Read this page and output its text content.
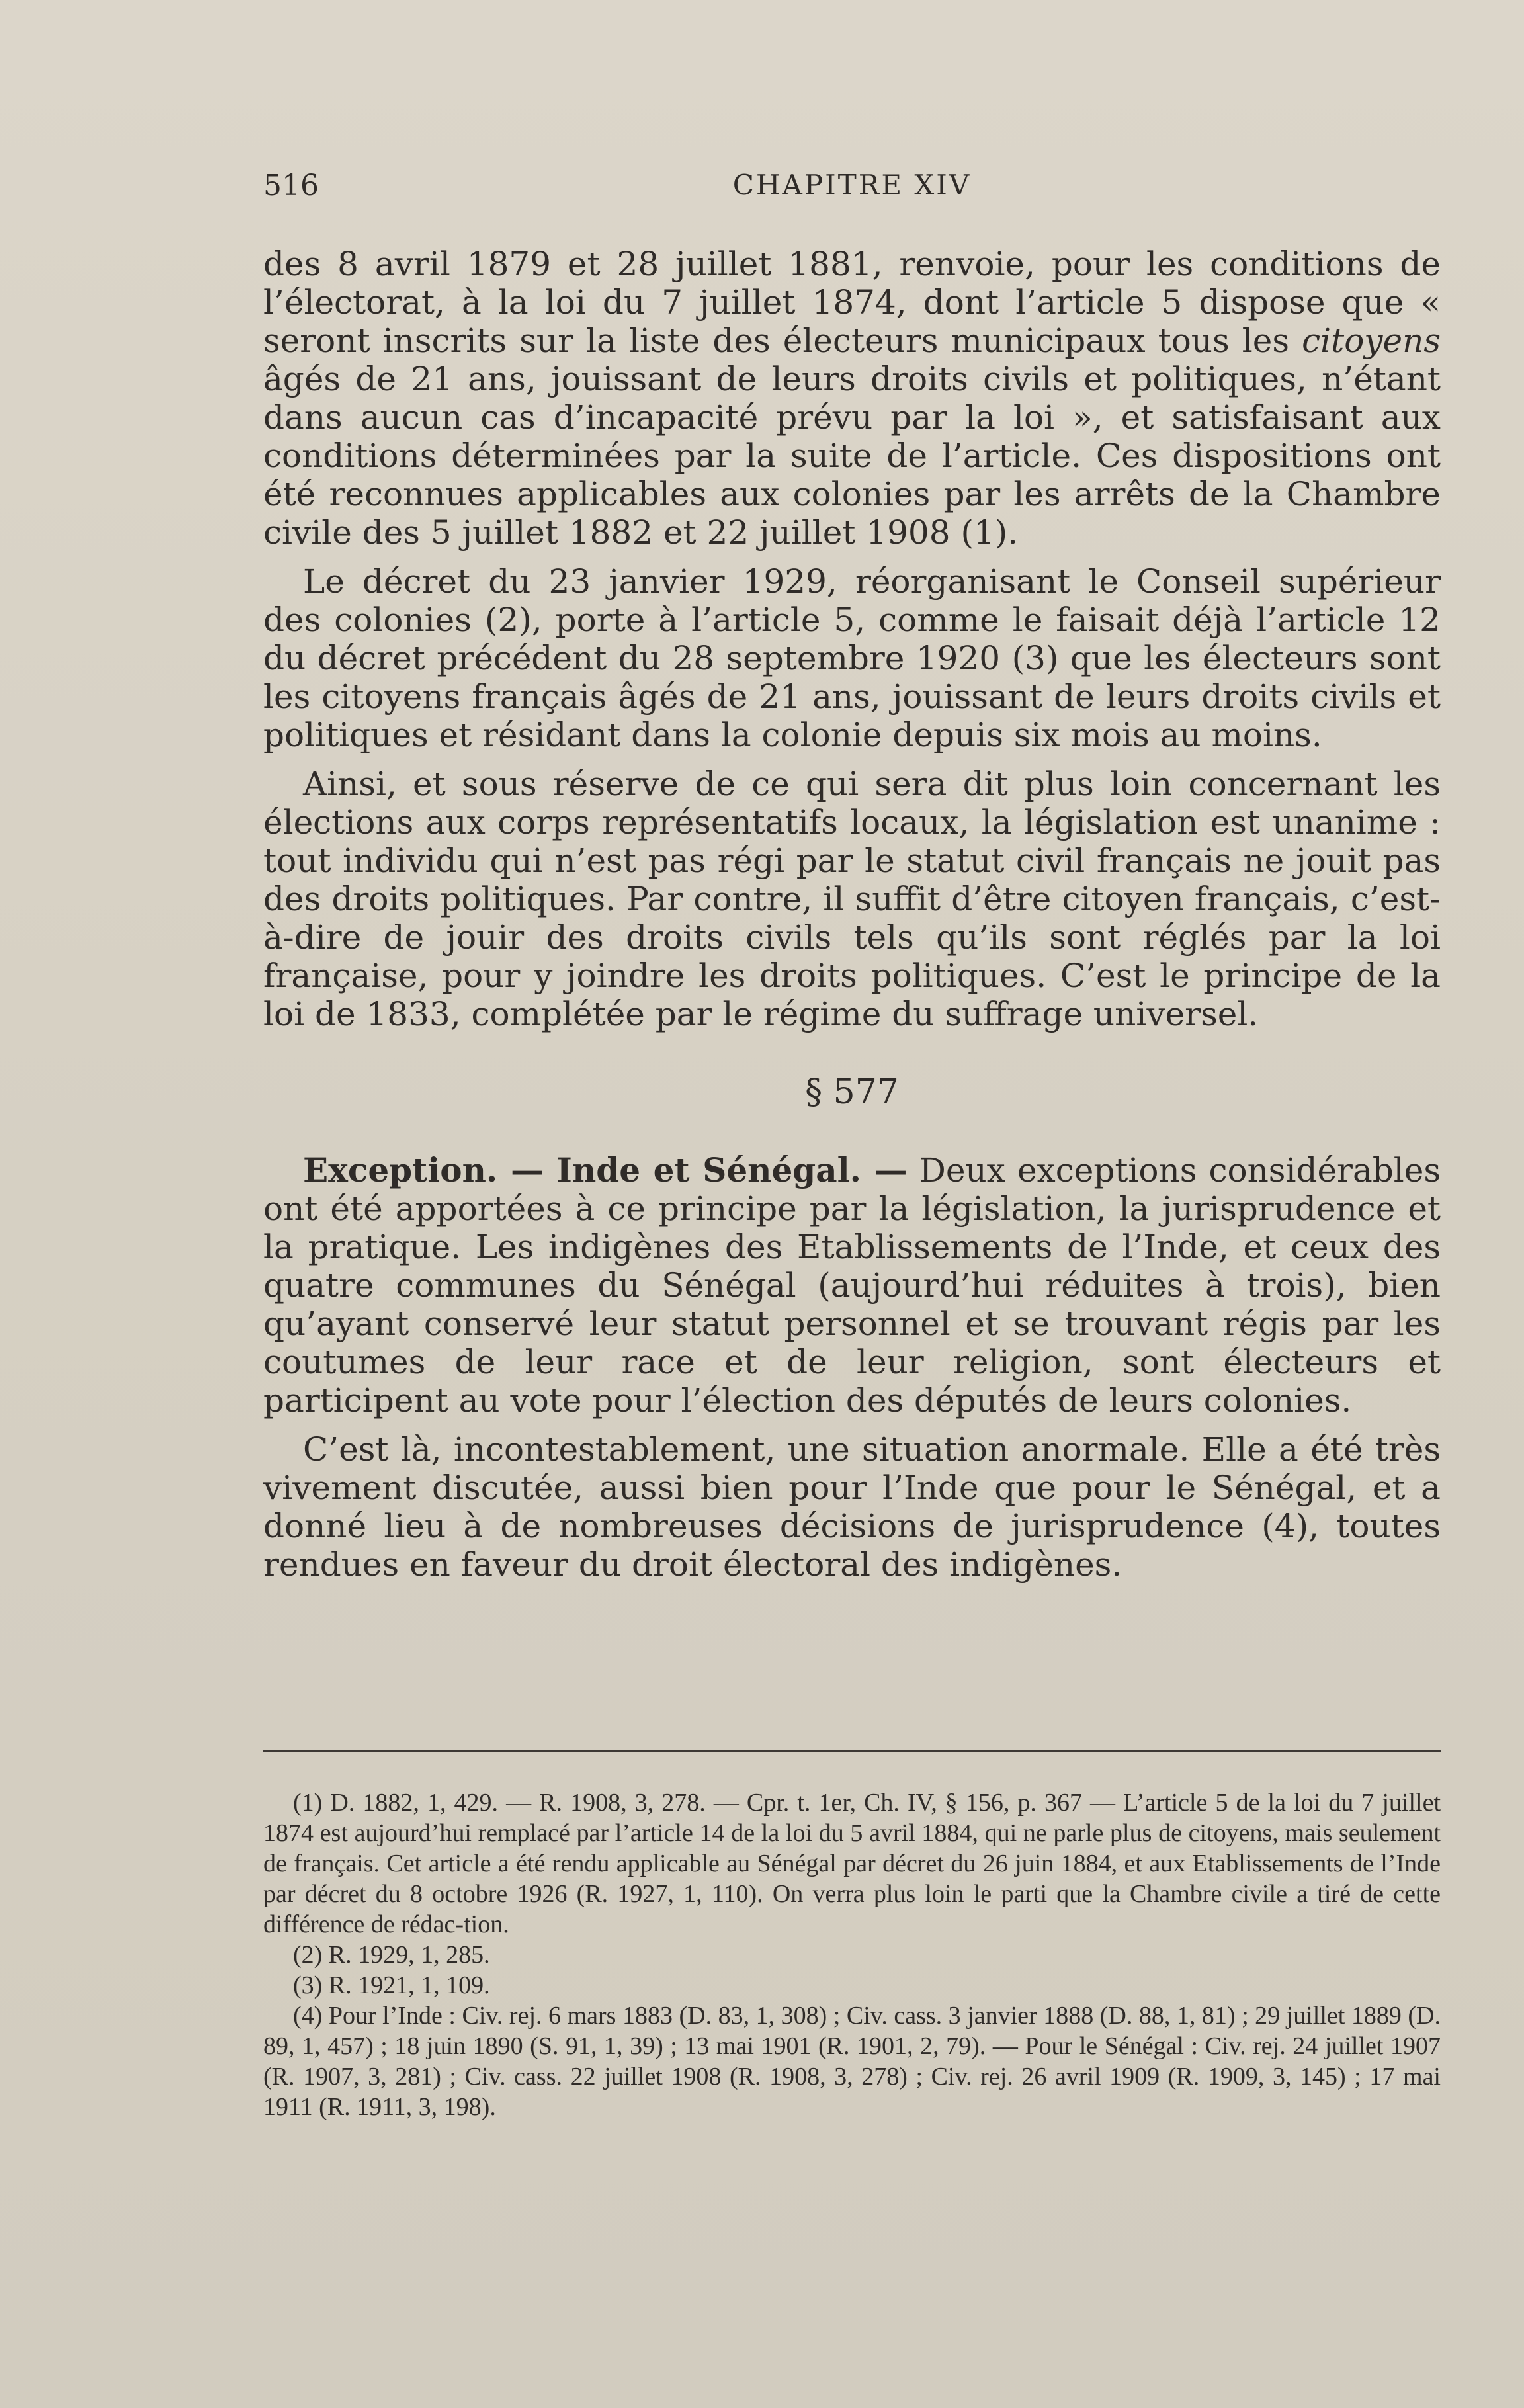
516	CHAPITRE XIV

des 8 avril 1879 et 28 juillet 1881, renvoie, pour les conditions de l’électorat, à la loi du 7 juillet 1874, dont l’article 5 dispose que « seront inscrits sur la liste des électeurs municipaux tous les citoyens âgés de 21 ans, jouissant de leurs droits civils et politiques, n’étant dans aucun cas d’incapacité prévu par la loi », et satisfaisant aux conditions déterminées par la suite de l’article. Ces dispositions ont été reconnues applicables aux colonies par les arrêts de la Chambre civile des 5 juillet 1882 et 22 juillet 1908 (1).

Le décret du 23 janvier 1929, réorganisant le Conseil supérieur des colonies (2), porte à l’article 5, comme le faisait déjà l’article 12 du décret précédent du 28 septembre 1920 (3) que les électeurs sont les citoyens français âgés de 21 ans, jouissant de leurs droits civils et politiques et résidant dans la colonie depuis six mois au moins.

Ainsi, et sous réserve de ce qui sera dit plus loin concernant les élections aux corps représentatifs locaux, la législation est unanime : tout individu qui n’est pas régi par le statut civil français ne jouit pas des droits politiques. Par contre, il suffit d’être citoyen français, c’est-à-dire de jouir des droits civils tels qu’ils sont réglés par la loi française, pour y joindre les droits politiques. C’est le principe de la loi de 1833, complétée par le régime du suffrage universel.

§ 577

Exception. — Inde et Sénégal. — Deux exceptions considérables ont été apportées à ce principe par la législation, la jurisprudence et la pratique. Les indigènes des Etablissements de l’Inde, et ceux des quatre communes du Sénégal (aujourd’hui réduites à trois), bien qu’ayant conservé leur statut personnel et se trouvant régis par les coutumes de leur race et de leur religion, sont électeurs et participent au vote pour l’élection des députés de leurs colonies.

C’est là, incontestablement, une situation anormale. Elle a été très vivement discutée, aussi bien pour l’Inde que pour le Sénégal, et a donné lieu à de nombreuses décisions de jurisprudence (4), toutes rendues en faveur du droit électoral des indigènes.

(1) D. 1882, 1, 429. — R. 1908, 3, 278. — Cpr. t. 1er, Ch. IV, § 156, p. 367 — L’article 5 de la loi du 7 juillet 1874 est aujourd’hui remplacé par l’article 14 de la loi du 5 avril 1884, qui ne parle plus de citoyens, mais seulement de français. Cet article a été rendu applicable au Sénégal par décret du 26 juin 1884, et aux Etablissements de l’Inde par décret du 8 octobre 1926 (R. 1927, 1, 110). On verra plus loin le parti que la Chambre civile a tiré de cette différence de rédac-tion.

(2) R. 1929, 1, 285.

(3) R. 1921, 1, 109.

(4) Pour l’Inde : Civ. rej. 6 mars 1883 (D. 83, 1, 308) ; Civ. cass. 3 janvier 1888 (D. 88, 1, 81) ; 29 juillet 1889 (D. 89, 1, 457) ; 18 juin 1890 (S. 91, 1, 39) ; 13 mai 1901 (R. 1901, 2, 79). — Pour le Sénégal : Civ. rej. 24 juillet 1907 (R. 1907, 3, 281) ; Civ. cass. 22 juillet 1908 (R. 1908, 3, 278) ; Civ. rej. 26 avril 1909 (R. 1909, 3, 145) ; 17 mai 1911 (R. 1911, 3, 198).
